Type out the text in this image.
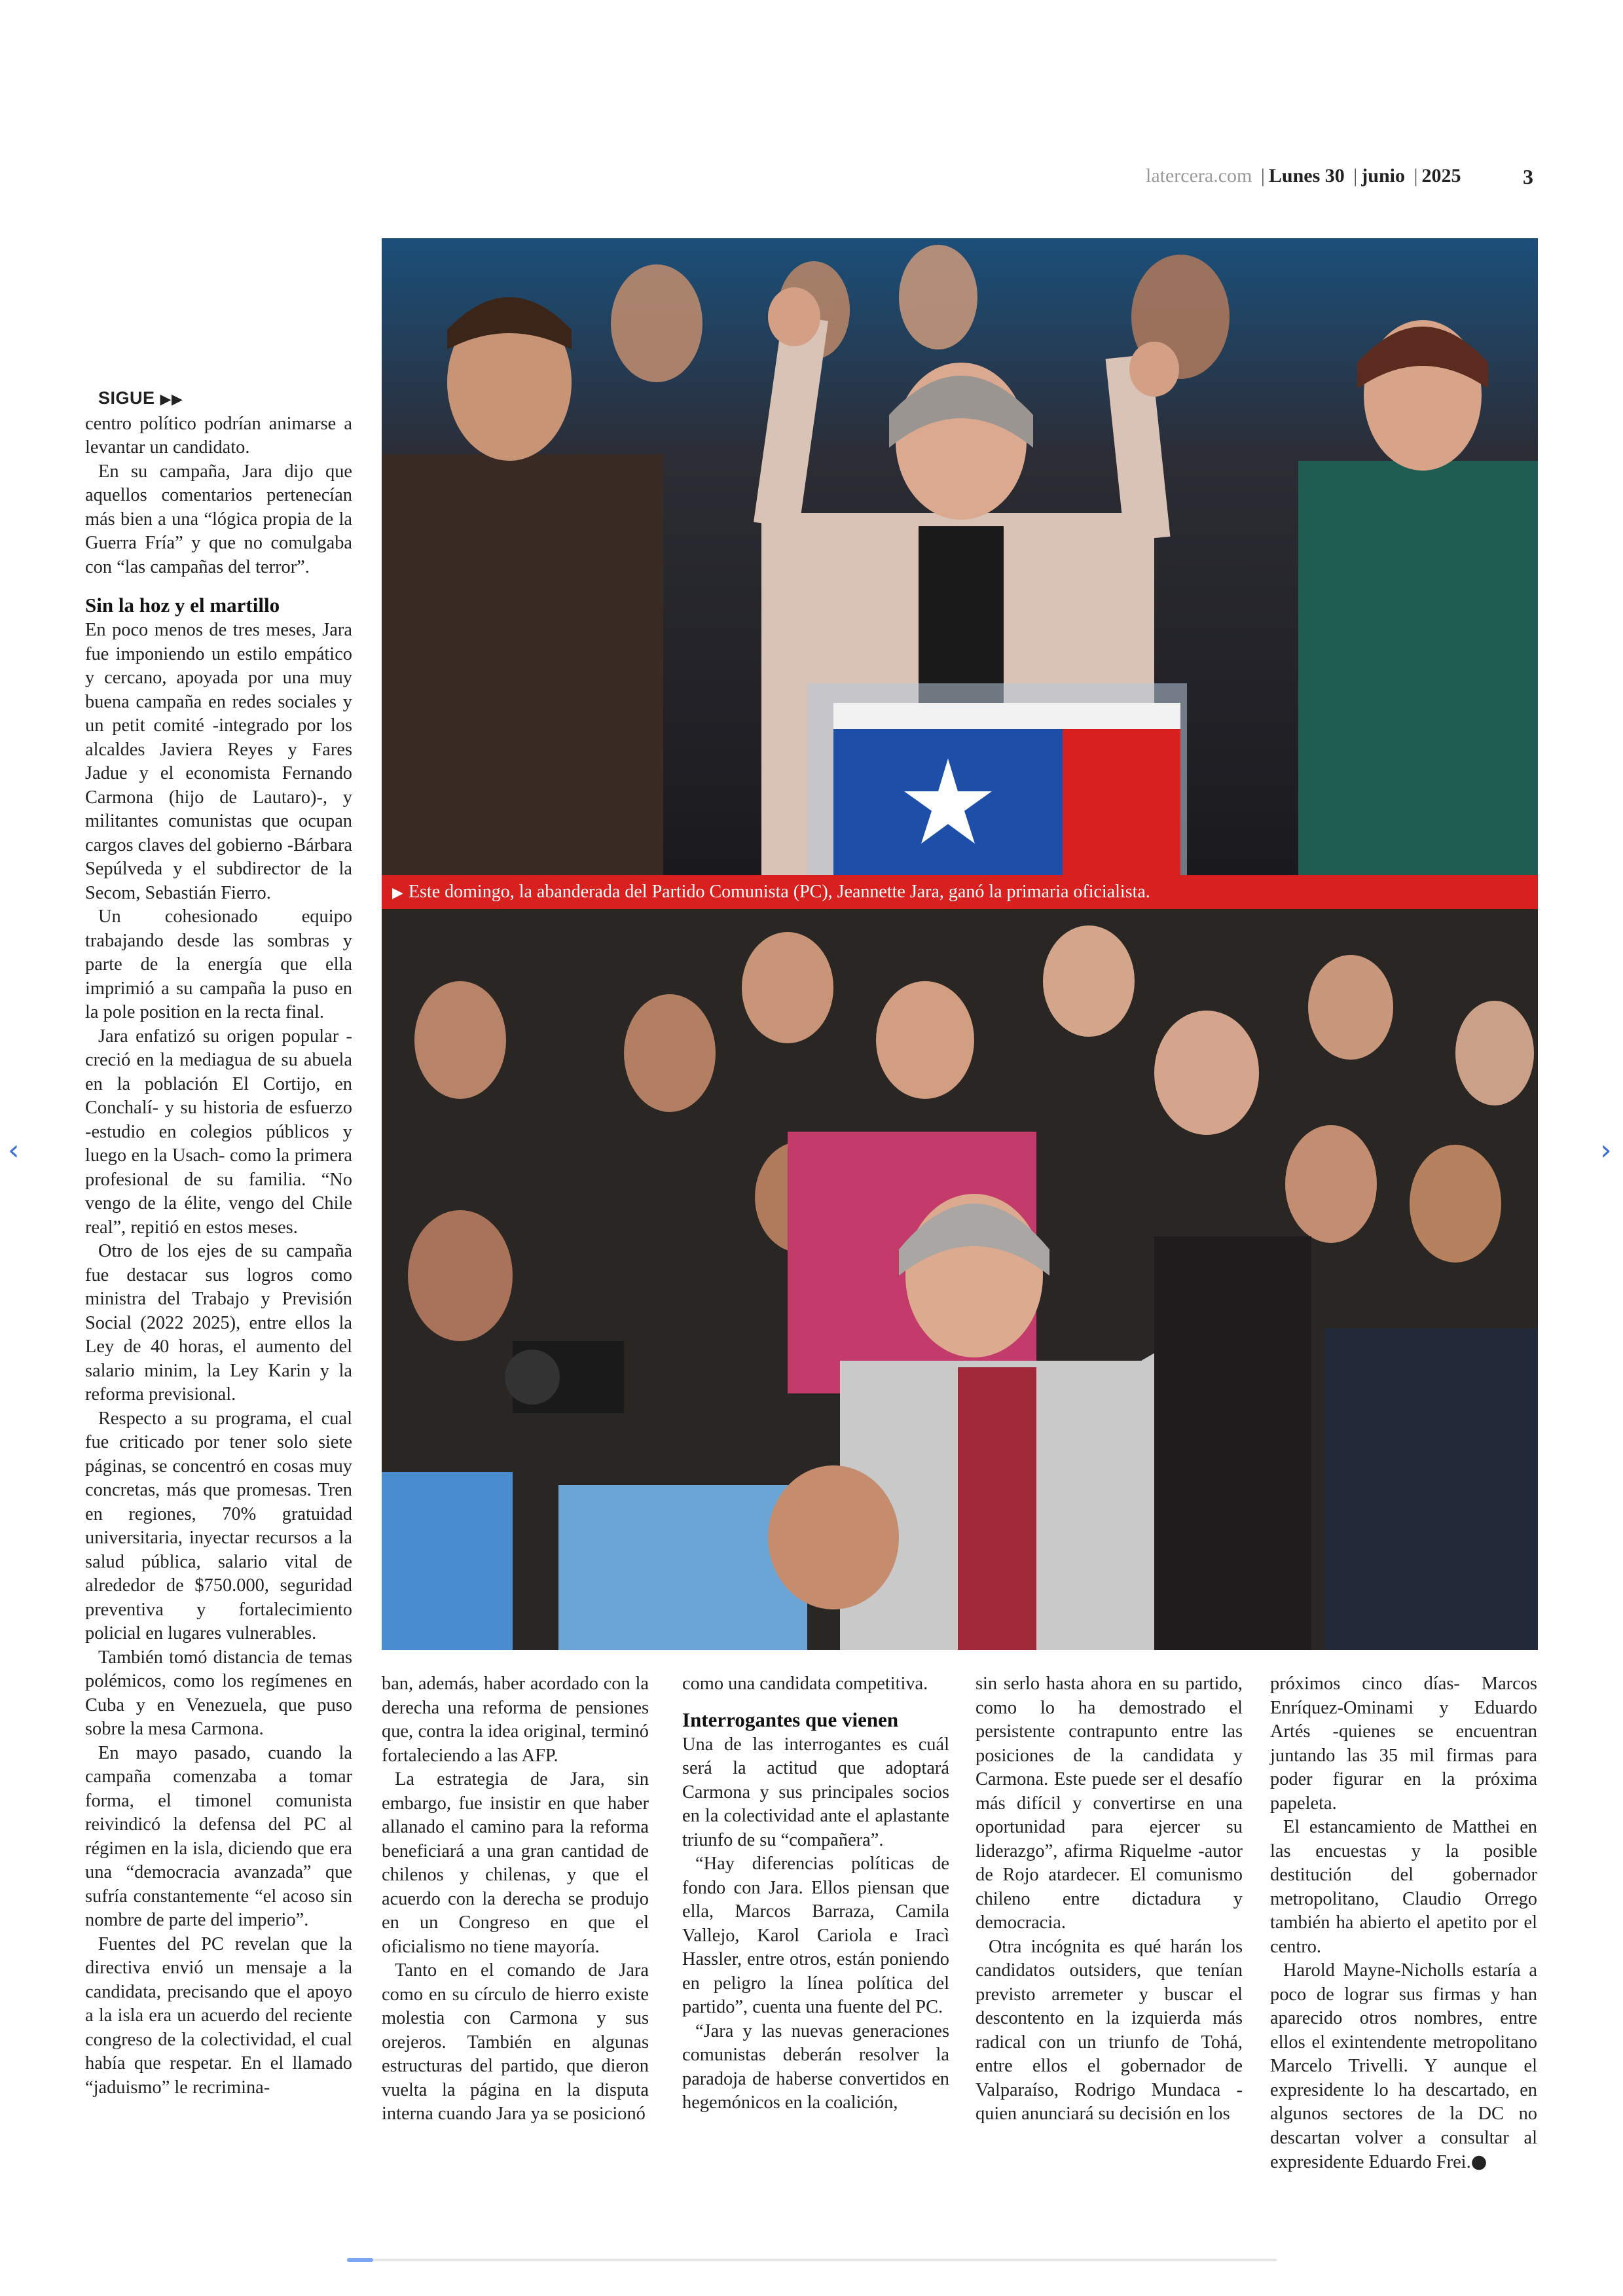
latercera.com | Lunes 30 | junio | 2025	3
‹	›
▶ Este domingo, la abanderada del Partido Comunista (PC), Jeannette Jara, ganó la primaria oficialista.

SIGUE ▶▶

centro político podrían animarse a levantar un candidato.

En su campaña, Jara dijo que aquellos comentarios pertenecían más bien a una “lógica propia de la Guerra Fría” y que no comulgaba con “las campañas del terror”.

Sin la hoz y el martillo

En poco menos de tres meses, Jara fue imponiendo un estilo empático y cercano, apoyada por una muy buena campaña en redes sociales y un petit comité -integrado por los alcaldes Javiera Reyes y Fares Jadue y el economista Fernando Carmona (hijo de Lautaro)-, y militantes comunistas que ocupan cargos claves del gobierno -Bárbara Sepúlveda y el subdirector de la Secom, Sebastián Fierro.

Un cohesionado equipo trabajando desde las sombras y parte de la energía que ella imprimió a su campaña la puso en la pole position en la recta final.

Jara enfatizó su origen popular -creció en la mediagua de su abuela en la población El Cortijo, en Conchalí- y su historia de esfuerzo -estudio en colegios públicos y luego en la Usach- como la primera profesional de su familia. “No vengo de la élite, vengo del Chile real”, repitió en estos meses.

Otro de los ejes de su campaña fue destacar sus logros como ministra del Trabajo y Previsión Social (2022 2025), entre ellos la Ley de 40 horas, el aumento del salario minim, la Ley Karin y la reforma previsional.

Respecto a su programa, el cual fue criticado por tener solo siete páginas, se concentró en cosas muy concretas, más que promesas. Tren en regiones, 70% gratuidad universitaria, inyectar recursos a la salud pública, salario vital de alrededor de $750.000, seguridad preventiva y fortalecimiento policial en lugares vulnerables.

También tomó distancia de temas polémicos, como los regímenes en Cuba y en Venezuela, que puso sobre la mesa Carmona.

En mayo pasado, cuando la campaña comenzaba a tomar forma, el timonel comunista reivindicó la defensa del PC al régimen en la isla, diciendo que era una “democracia avanzada” que sufría constantemente “el acoso sin nombre de parte del imperio”.

Fuentes del PC revelan que la directiva envió un mensaje a la candidata, precisando que el apoyo a la isla era un acuerdo del reciente congreso de la colectividad, el cual había que respetar. En el llamado “jaduismo” le recrimina-

ban, además, haber acordado con la derecha una reforma de pensiones que, contra la idea original, terminó fortaleciendo a las AFP.

La estrategia de Jara, sin embargo, fue insistir en que haber allanado el camino para la reforma beneficiará a una gran cantidad de chilenos y chilenas, y que el acuerdo con la derecha se produjo en un Congreso en que el oficialismo no tiene mayoría.

Tanto en el comando de Jara como en su círculo de hierro existe molestia con Carmona y sus orejeros. También en algunas estructuras del partido, que dieron vuelta la página en la disputa interna cuando Jara ya se posicionó

como una candidata competitiva.

Interrogantes que vienen

Una de las interrogantes es cuál será la actitud que adoptará Carmona y sus principales socios en la colectividad ante el aplastante triunfo de su “compañera”.

“Hay diferencias políticas de fondo con Jara. Ellos piensan que ella, Marcos Barraza, Camila Vallejo, Karol Cariola e Iracì Hassler, entre otros, están poniendo en peligro la línea política del partido”, cuenta una fuente del PC.

“Jara y las nuevas generaciones comunistas deberán resolver la paradoja de haberse convertidos en hegemónicos en la coalición,

sin serlo hasta ahora en su partido, como lo ha demostrado el persistente contrapunto entre las posiciones de la candidata y Carmona. Este puede ser el desafío más difícil y convertirse en una oportunidad para ejercer su liderazgo”, afirma Riquelme -autor de Rojo atardecer. El comunismo chileno entre dictadura y democracia.

Otra incógnita es qué harán los candidatos outsiders, que tenían previsto arremeter y buscar el descontento en la izquierda más radical con un triunfo de Tohá, entre ellos el gobernador de Valparaíso, Rodrigo Mundaca -quien anunciará su decisión en los

próximos cinco días- Marcos Enríquez-Ominami y Eduardo Artés -quienes se encuentran juntando las 35 mil firmas para poder figurar en la próxima papeleta.

El estancamiento de Matthei en las encuestas y la posible destitución del gobernador metropolitano, Claudio Orrego también ha abierto el apetito por el centro.

Harold Mayne-Nicholls estaría a poco de lograr sus firmas y han aparecido otros nombres, entre ellos el exintendente metropolitano Marcelo Trivelli. Y aunque el expresidente lo ha descartado, en algunos sectores de la DC no descartan volver a consultar al expresidente Eduardo Frei.●
